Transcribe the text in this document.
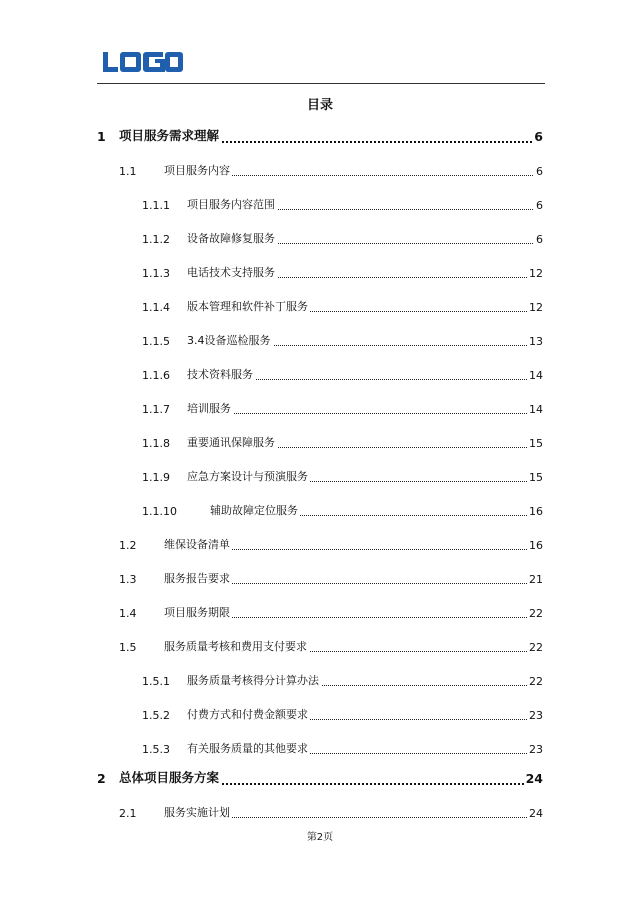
目录
1 项目服务需求理解	6
1.1	项目服务内容	6
1.1.1 项目服务内容范围	6
1.1.2 设备故障修复服务	6
1.1.3 电话技术支持服务	12
1.1.4 版本管理和软件补丁服务	12
1.1.5 3.4设备巡检服务	13
1.1.6 技术资料服务	14
1.1.7 培训服务	14
1.1.8 重要通讯保障服务	15
1.1.9 应急方案设计与预演服务	15
1.1.10	辅助故障定位服务	16
1.2	维保设备清单	16
1.3	服务报告要求	21
1.4	项目服务期限	22
1.5	服务质量考核和费用支付要求	22
1.5.1 服务质量考核得分计算办法	22
1.5.2 付费方式和付费金额要求	23
1.5.3 有关服务质量的其他要求	23
2 总体项目服务方案	24
2.1	服务实施计划	24
第2页
